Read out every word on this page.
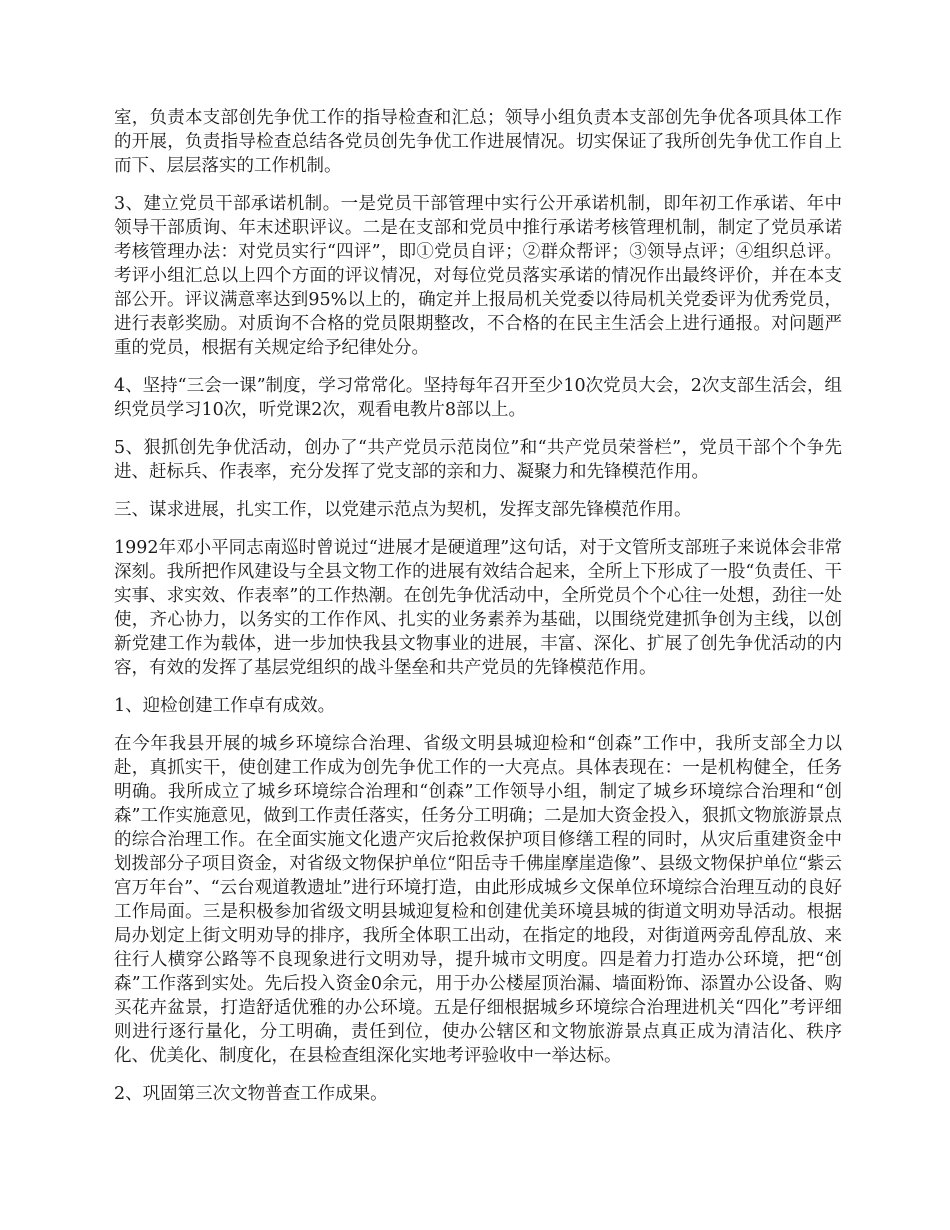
室，负责本支部创先争优工作的指导检查和汇总；领导小组负责本支部创先争优各项具体工作的开展，负责指导检查总结各党员创先争优工作进展情况。切实保证了我所创先争优工作自上而下、层层落实的工作机制。

3、建立党员干部承诺机制。一是党员干部管理中实行公开承诺机制，即年初工作承诺、年中领导干部质询、年末述职评议。二是在支部和党员中推行承诺考核管理机制，制定了党员承诺考核管理办法：对党员实行“四评”，即①党员自评；②群众帮评；③领导点评；④组织总评。考评小组汇总以上四个方面的评议情况，对每位党员落实承诺的情况作出最终评价，并在本支部公开。评议满意率达到95%以上的，确定并上报局机关党委以待局机关党委评为优秀党员，进行表彰奖励。对质询不合格的党员限期整改，不合格的在民主生活会上进行通报。对问题严重的党员，根据有关规定给予纪律处分。

4、坚持“三会一课”制度，学习常常化。坚持每年召开至少10次党员大会，2次支部生活会，组织党员学习10次，听党课2次，观看电教片8部以上。

5、狠抓创先争优活动，创办了“共产党员示范岗位”和“共产党员荣誉栏”，党员干部个个争先进、赶标兵、作表率，充分发挥了党支部的亲和力、凝聚力和先锋模范作用。

三、谋求进展，扎实工作，以党建示范点为契机，发挥支部先锋模范作用。

1992年邓小平同志南巡时曾说过“进展才是硬道理”这句话，对于文管所支部班子来说体会非常深刻。我所把作风建设与全县文物工作的进展有效结合起来，全所上下形成了一股“负责任、干实事、求实效、作表率”的工作热潮。在创先争优活动中，全所党员个个心往一处想，劲往一处使，齐心协力，以务实的工作作风、扎实的业务素养为基础，以围绕党建抓争创为主线，以创新党建工作为载体，进一步加快我县文物事业的进展，丰富、深化、扩展了创先争优活动的内容，有效的发挥了基层党组织的战斗堡垒和共产党员的先锋模范作用。

1、迎检创建工作卓有成效。

在今年我县开展的城乡环境综合治理、省级文明县城迎检和“创森”工作中，我所支部全力以赴，真抓实干，使创建工作成为创先争优工作的一大亮点。具体表现在：一是机构健全，任务明确。我所成立了城乡环境综合治理和“创森”工作领导小组，制定了城乡环境综合治理和“创森”工作实施意见，做到工作责任落实，任务分工明确；二是加大资金投入，狠抓文物旅游景点的综合治理工作。在全面实施文化遗产灾后抢救保护项目修缮工程的同时，从灾后重建资金中划拨部分子项目资金，对省级文物保护单位“阳岳寺千佛崖摩崖造像”、县级文物保护单位“紫云宫万年台”、“云台观道教遗址”进行环境打造，由此形成城乡文保单位环境综合治理互动的良好工作局面。三是积极参加省级文明县城迎复检和创建优美环境县城的街道文明劝导活动。根据局办划定上街文明劝导的排序，我所全体职工出动，在指定的地段，对街道两旁乱停乱放、来往行人横穿公路等不良现象进行文明劝导，提升城市文明度。四是着力打造办公环境，把“创森”工作落到实处。先后投入资金0余元，用于办公楼屋顶治漏、墙面粉饰、添置办公设备、购买花卉盆景，打造舒适优雅的办公环境。五是仔细根据城乡环境综合治理进机关“四化”考评细则进行逐行量化，分工明确，责任到位，使办公辖区和文物旅游景点真正成为清洁化、秩序化、优美化、制度化，在县检查组深化实地考评验收中一举达标。

2、巩固第三次文物普查工作成果。
